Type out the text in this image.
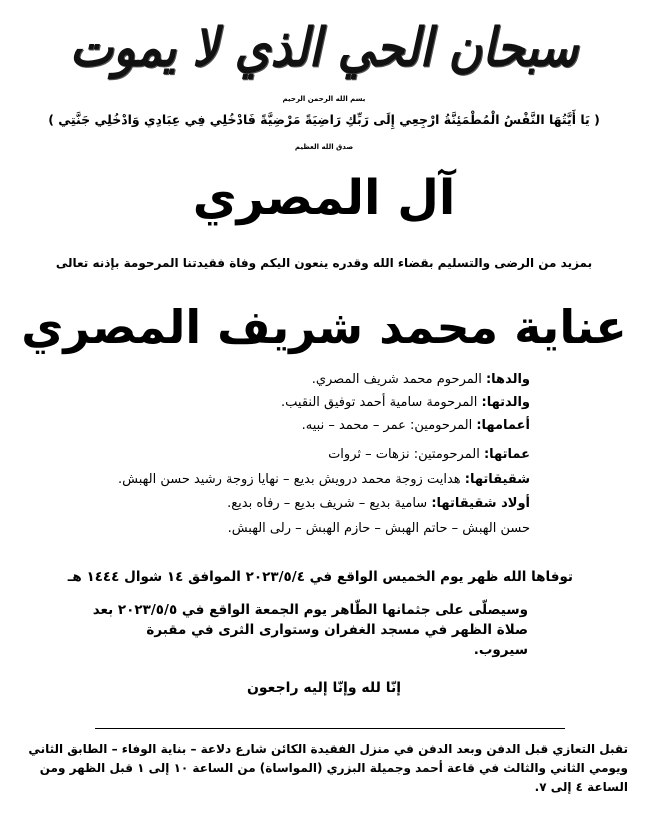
سبحان الحي الذي لا يموت
بسم الله الرحمن الرحيم
( يَا أَيَّتُهَا النَّفْسُ الْمُطْمَئِنَّةُ ارْجِعِي إِلَى رَبِّكِ رَاضِيَةً مَرْضِيَّةً فَادْخُلِي فِي عِبَادِي وَادْخُلِي جَنَّتِي )
صدق الله العظيم
آل المصري
بمزيد من الرضى والتسليم بقضاء الله وقدره ينعون اليكم وفاة فقيدتنا المرحومة بإذنه تعالى
عناية محمد شريف المصري
والدها: المرحوم محمد شريف المصري.
والدتها: المرحومة سامية أحمد توفيق النقيب.
أعمامها: المرحومين: عمر – محمد – نبيه.
عماتها: المرحومتين: نزهات – ثروات
شقيقاتها: هدايت زوجة محمد درويش بديع – نهايا زوجة رشيد حسن الهبش.
أولاد شقيقاتها: سامية بديع – شريف بديع – رفاه بديع.
حسن الهبش – حاتم الهبش – حازم الهبش – رلى الهبش.
توفاها الله ظهر يوم الخميس الواقع في ٢٠٢٣/٥/٤ الموافق ١٤ شوال ١٤٤٤ هـ
وسيصلّى على جثمانها الطّاهر يوم الجمعة الواقع في ٢٠٢٣/٥/٥ بعد صلاة الظهر في مسجد الغفران وستوارى الثرى في مقبرة سيروب.
إنّا لله وإنّا إليه راجعون
تقبل التعازي قبل الدفن وبعد الدفن في منزل الفقيدة الكائن شارع دلاعة – بناية الوفاء – الطابق الثاني ويومي الثاني والثالث في قاعة أحمد وجميلة البزري (المواساة) من الساعة ١٠ إلى ١ قبل الظهر ومن الساعة ٤ إلى ٧.
